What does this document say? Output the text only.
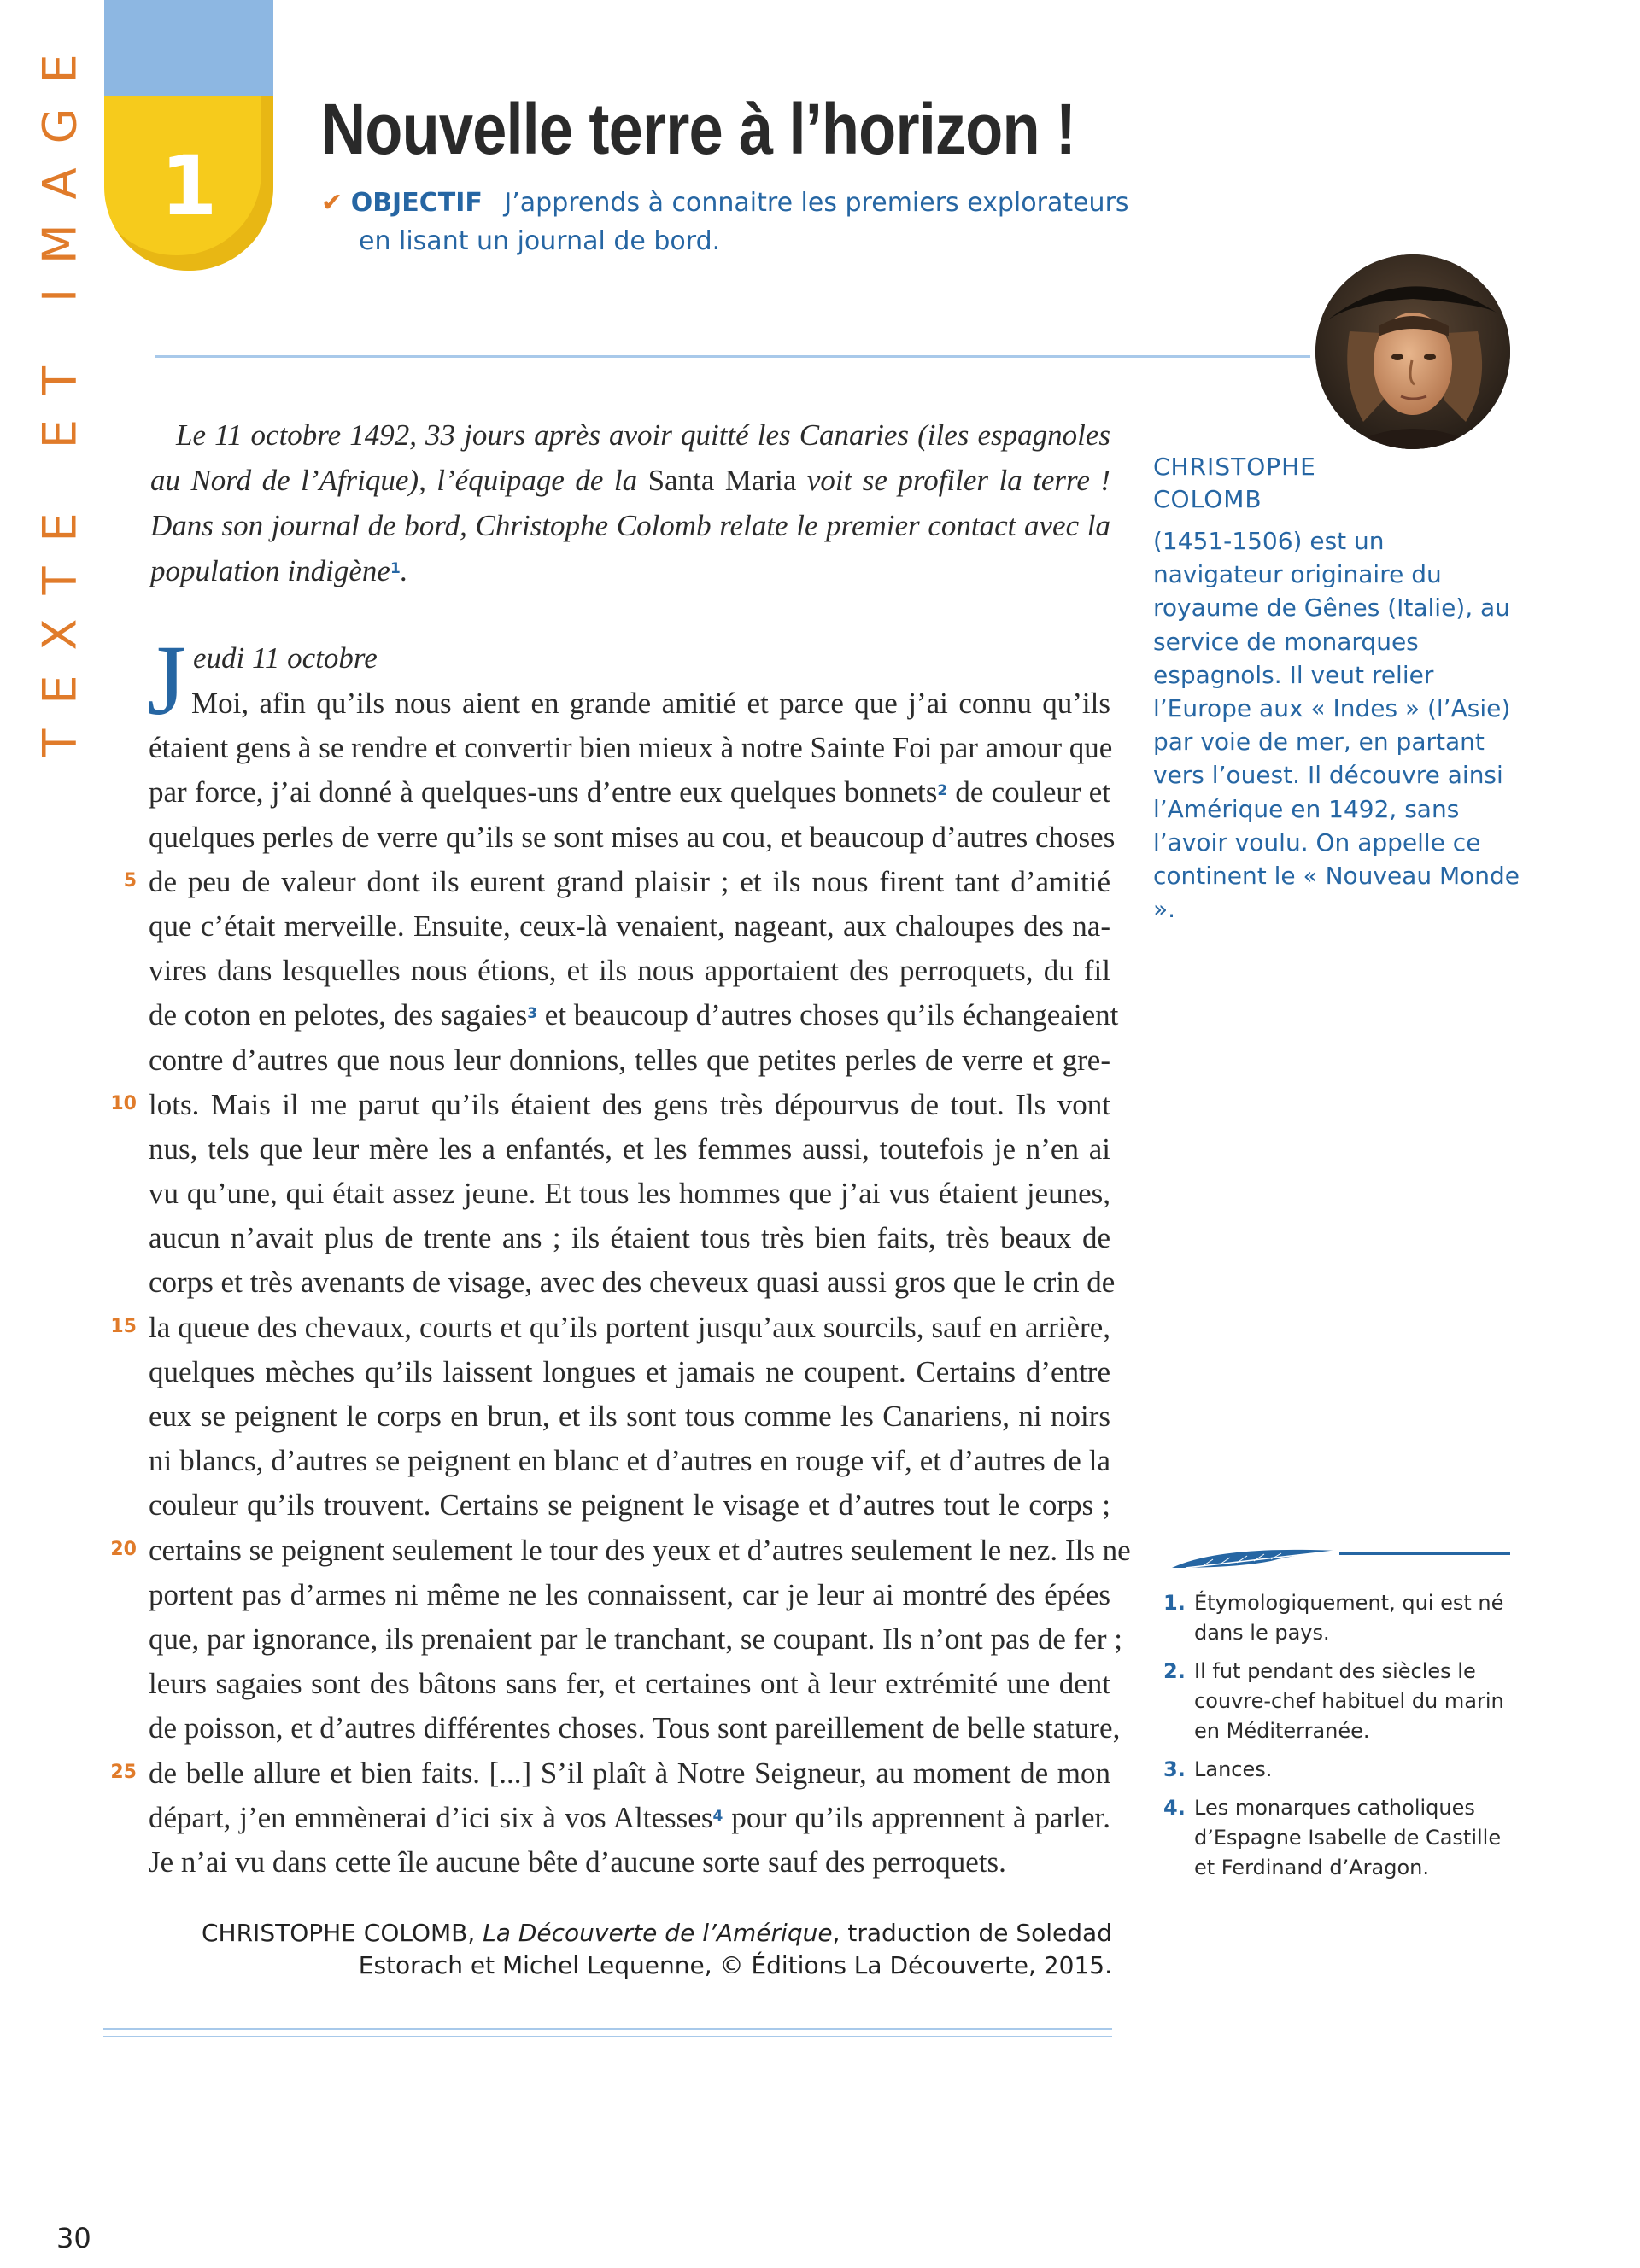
TEXTE ET IMAGE 1
Nouvelle terre à l’horizon !
✔ OBJECTIF J’apprends à connaitre les premiers explorateurs
en lisant un journal de bord.

Le 11 octobre 1492, 33 jours après avoir quitté les Canaries (iles espagnoles au Nord de l’Afrique), l’équipage de la Santa Maria voit se profiler la terre ! Dans son journal de bord, Christophe Colomb relate le premier contact avec la population indigène$^1$.

J eudi 11 octobre

Moi, afin qu’ils nous aient en grande amitié et parce que j’ai connu qu’ils
étaient gens à se rendre et convertir bien mieux à notre Sainte Foi par amour que
par force, j’ai donné à quelques-uns d’entre eux quelques bonnets$^2$ de couleur et
quelques perles de verre qu’ils se sont mises au cou, et beaucoup d’autres choses
de peu de valeur dont ils eurent grand plaisir ; et ils nous firent tant d’amitié
que c’était merveille. Ensuite, ceux-là venaient, nageant, aux chaloupes des na-
vires dans lesquelles nous étions, et ils nous apportaient des perroquets, du fil
de coton en pelotes, des sagaies$^3$ et beaucoup d’autres choses qu’ils échangeaient
contre d’autres que nous leur donnions, telles que petites perles de verre et gre-
lots. Mais il me parut qu’ils étaient des gens très dépourvus de tout. Ils vont
nus, tels que leur mère les a enfantés, et les femmes aussi, toutefois je n’en ai
vu qu’une, qui était assez jeune. Et tous les hommes que j’ai vus étaient jeunes,
aucun n’avait plus de trente ans ; ils étaient tous très bien faits, très beaux de
corps et très avenants de visage, avec des cheveux quasi aussi gros que le crin de
la queue des chevaux, courts et qu’ils portent jusqu’aux sourcils, sauf en arrière,
quelques mèches qu’ils laissent longues et jamais ne coupent. Certains d’entre
eux se peignent le corps en brun, et ils sont tous comme les Canariens, ni noirs
ni blancs, d’autres se peignent en blanc et d’autres en rouge vif, et d’autres de la
couleur qu’ils trouvent. Certains se peignent le visage et d’autres tout le corps ;
certains se peignent seulement le tour des yeux et d’autres seulement le nez. Ils ne
portent pas d’armes ni même ne les connaissent, car je leur ai montré des épées
que, par ignorance, ils prenaient par le tranchant, se coupant. Ils n’ont pas de fer ;
leurs sagaies sont des bâtons sans fer, et certaines ont à leur extrémité une dent
de poisson, et d’autres différentes choses. Tous sont pareillement de belle stature,
de belle allure et bien faits. [...] S’il plaît à Notre Seigneur, au moment de mon
départ, j’en emmènerai d’ici six à vos Altesses$^4$ pour qu’ils apprennent à parler.
Je n’ai vu dans cette île aucune bête d’aucune sorte sauf des perroquets.
5
10
15
20
25

CHRISTOPHE COLOMB, La Découverte de l’Amérique, traduction de Soledad Estorach et Michel Lequenne, © Éditions La Découverte, 2015.

CHRISTOPHE
COLOMB

(1451-1506) est un navigateur originaire du royaume de Gênes (Italie), au service de monarques espagnols. Il veut relier l’Europe aux « Indes » (l’Asie) par voie de mer, en partant vers l’ouest. Il découvre ainsi l’Amérique en 1492, sans l’avoir voulu. On appelle ce continent le « Nouveau Monde ».

1. Étymologiquement, qui est né dans le pays.
2. Il fut pendant des siècles le couvre-chef habituel du marin en Méditerranée.
3. Lances.
4. Les monarques catholiques d’Espagne Isabelle de Castille et Ferdinand d’Aragon.
30
